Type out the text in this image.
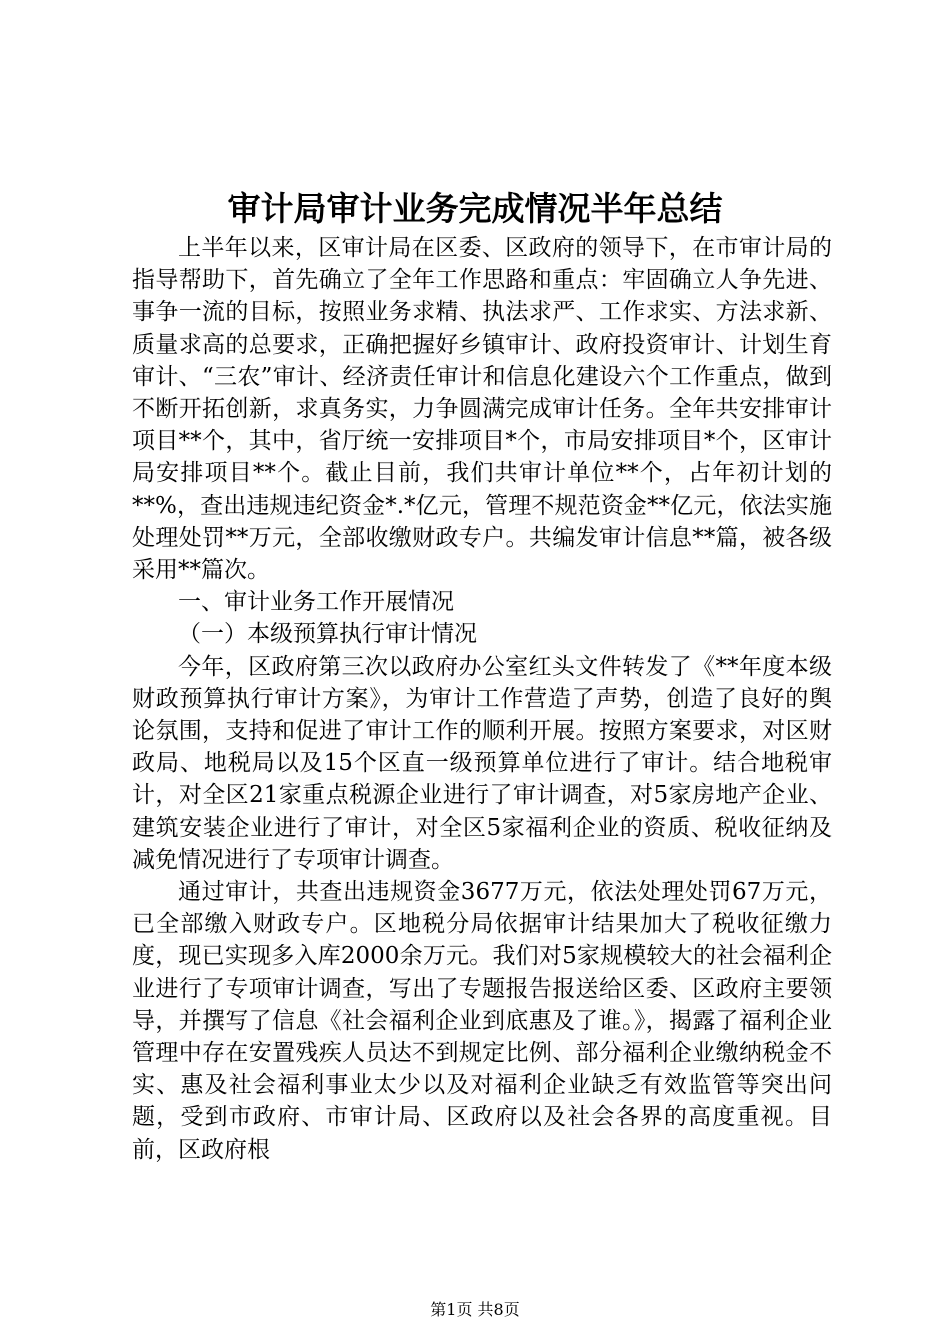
审计局审计业务完成情况半年总结

上半年以来，区审计局在区委、区政府的领导下，在市审计局的指导帮助下，首先确立了全年工作思路和重点：牢固确立人争先进、事争一流的目标，按照业务求精、执法求严、工作求实、方法求新、质量求高的总要求，正确把握好乡镇审计、政府投资审计、计划生育审计、“三农”审计、经济责任审计和信息化建设六个工作重点，做到不断开拓创新，求真务实，力争圆满完成审计任务。全年共安排审计项目**个，其中，省厅统一安排项目*个，市局安排项目*个，区审计局安排项目**个。截止目前，我们共审计单位**个，占年初计划的**%，查出违规违纪资金*.*亿元，管理不规范资金**亿元，依法实施处理处罚**万元，全部收缴财政专户。共编发审计信息**篇，被各级采用**篇次。

一、审计业务工作开展情况

（一）本级预算执行审计情况

今年，区政府第三次以政府办公室红头文件转发了《**年度本级财政预算执行审计方案》，为审计工作营造了声势，创造了良好的舆论氛围，支持和促进了审计工作的顺利开展。按照方案要求，对区财政局、地税局以及15个区直一级预算单位进行了审计。结合地税审计，对全区21家重点税源企业进行了审计调查，对5家房地产企业、建筑安装企业进行了审计，对全区5家福利企业的资质、税收征纳及减免情况进行了专项审计调查。

通过审计，共查出违规资金3677万元，依法处理处罚67万元，已全部缴入财政专户。区地税分局依据审计结果加大了税收征缴力度，现已实现多入库2000余万元。我们对5家规模较大的社会福利企业进行了专项审计调查，写出了专题报告报送给区委、区政府主要领导，并撰写了信息《社会福利企业到底惠及了谁。》，揭露了福利企业管理中存在安置残疾人员达不到规定比例、部分福利企业缴纳税金不实、惠及社会福利事业太少以及对福利企业缺乏有效监管等突出问题，受到市政府、市审计局、区政府以及社会各界的高度重视。目前，区政府根

第1页 共8页
